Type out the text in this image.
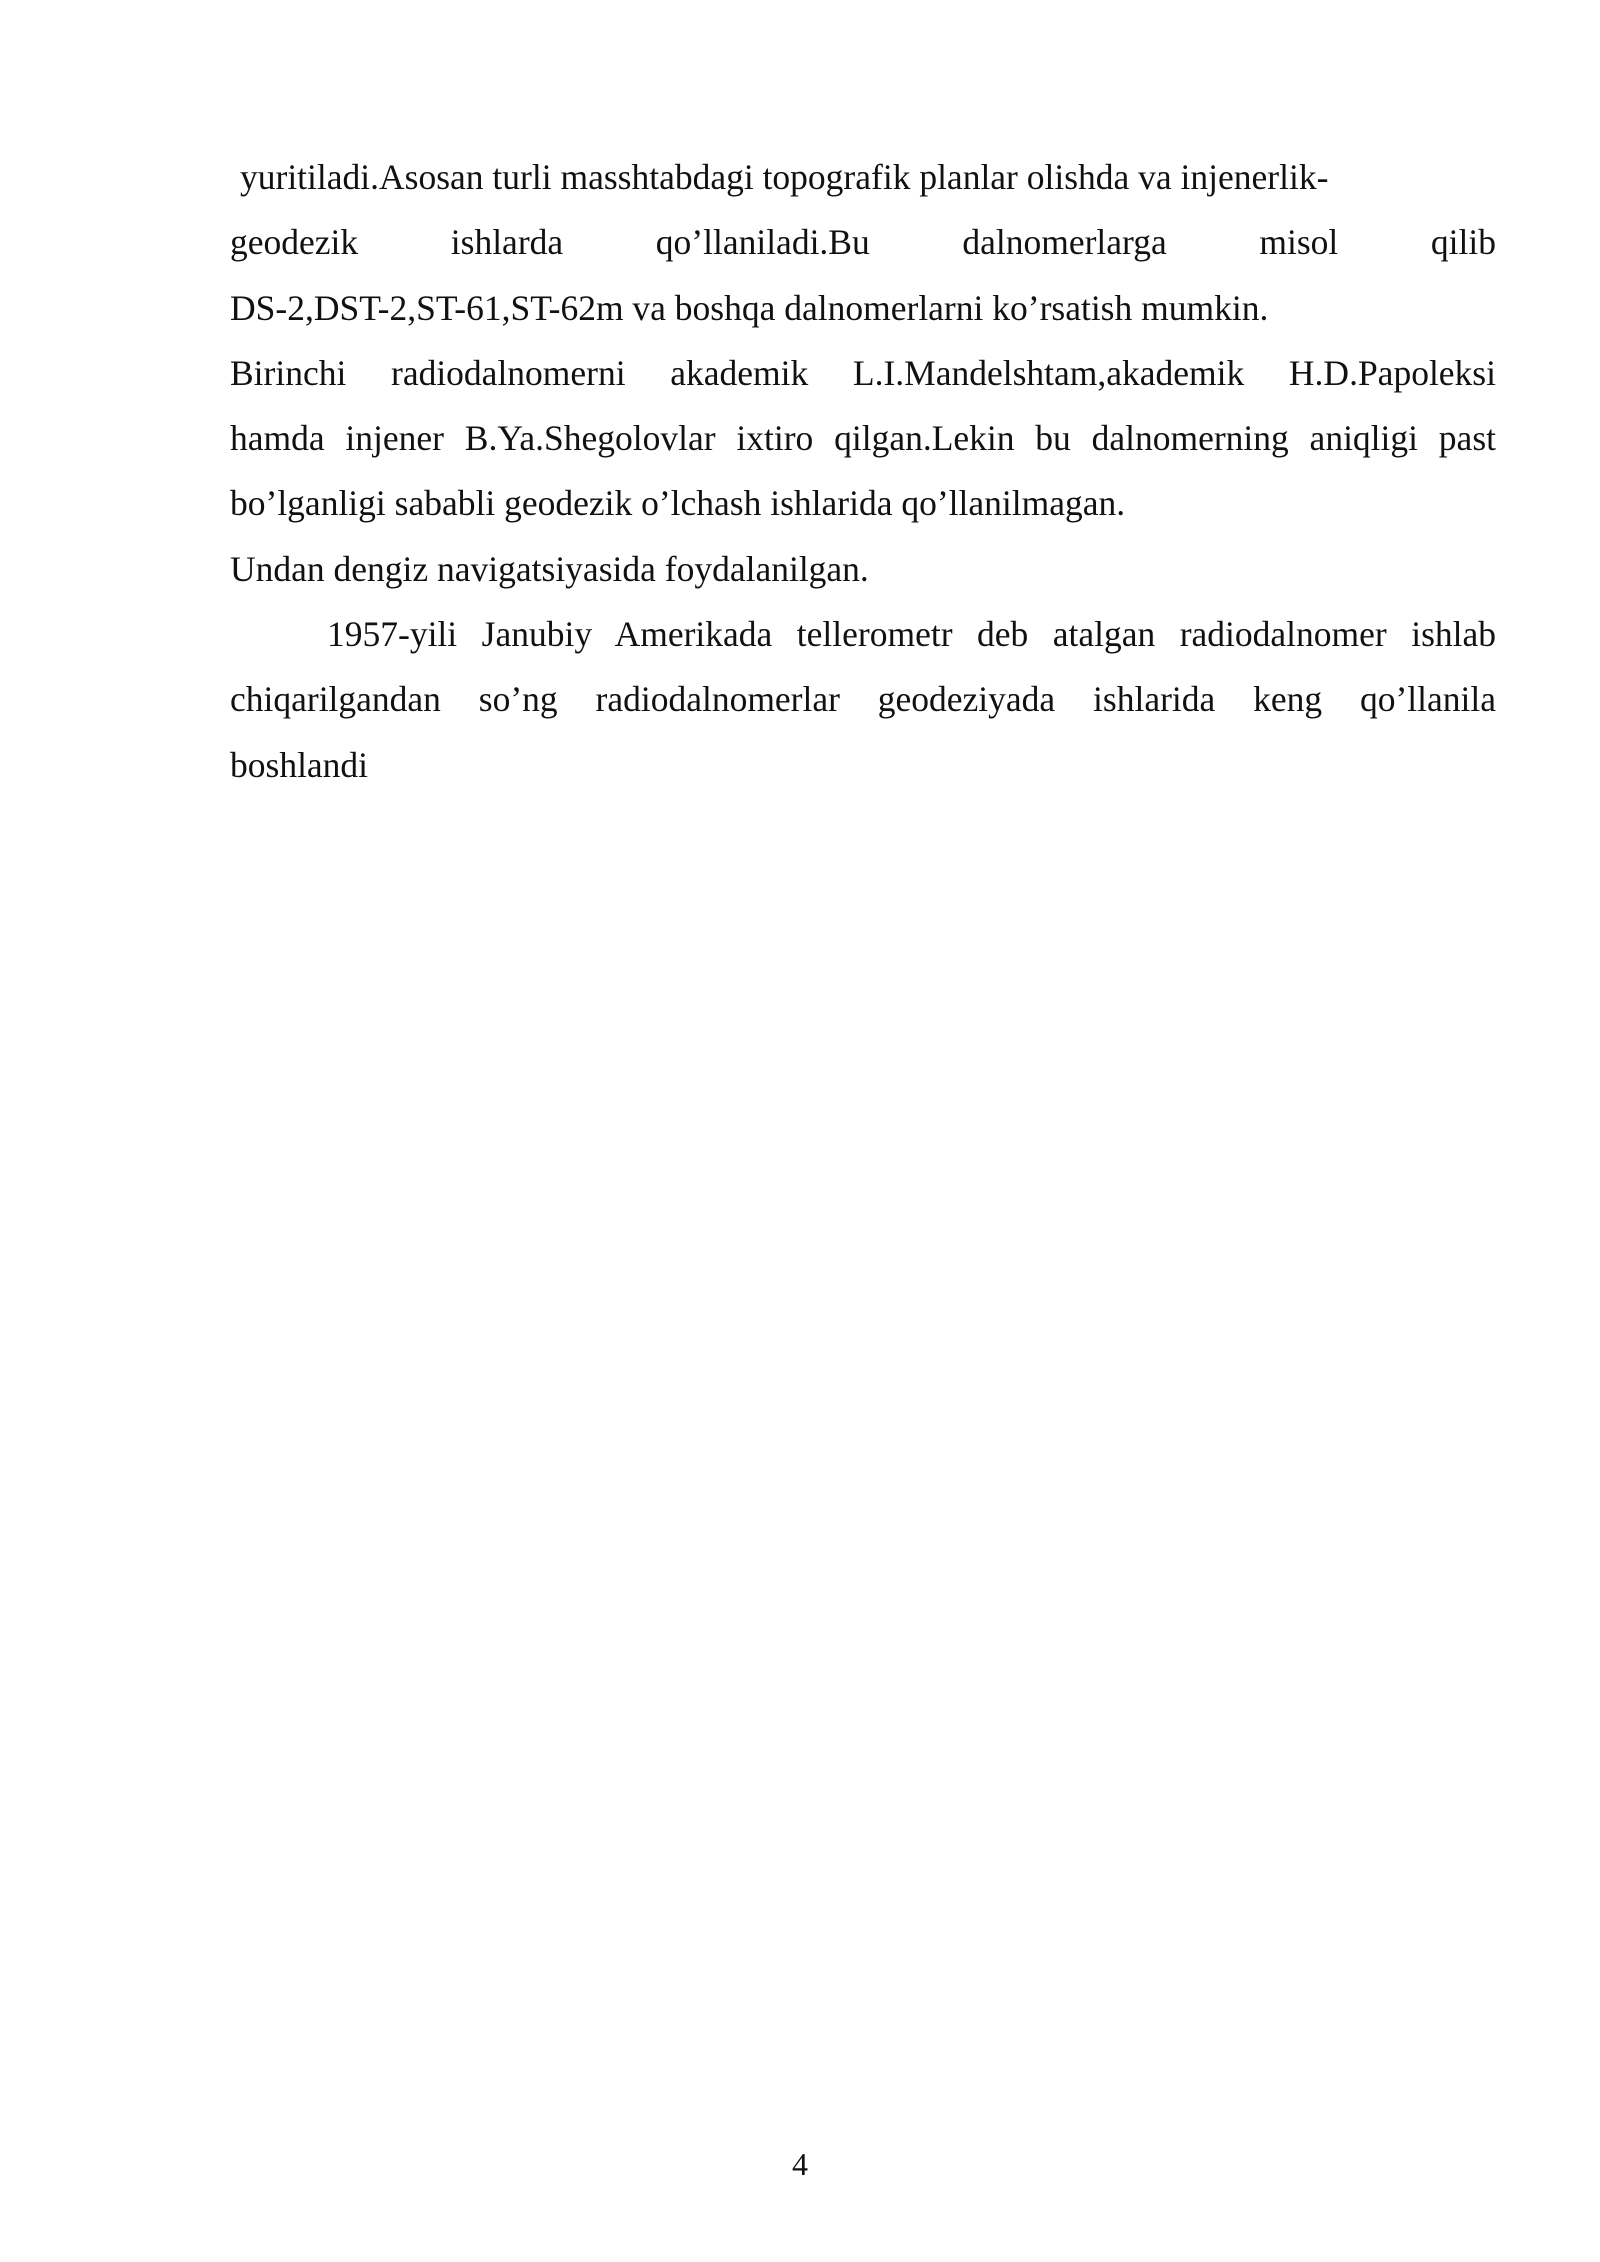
yuritiladi.Asosan turli masshtabdagi topografik planlar olishda va injenerlik-
geodezik ishlarda qo’llaniladi.Bu dalnomerlarga misol qilib
DS-2,DST-2,ST-61,ST-62m va boshqa dalnomerlarni ko’rsatish mumkin.
Birinchi radiodalnomerni akademik L.I.Mandelshtam,akademik H.D.Papoleksi
hamda injener B.Ya.Shegolovlar ixtiro qilgan.Lekin bu dalnomerning aniqligi past
bo’lganligi sababli geodezik o’lchash ishlarida qo’llanilmagan.
Undan dengiz navigatsiyasida foydalanilgan.
1957-yili Janubiy Amerikada tellerometr deb atalgan radiodalnomer ishlab
chiqarilgandan so’ng radiodalnomerlar geodeziyada ishlarida keng qo’llanila
boshlandi
4
